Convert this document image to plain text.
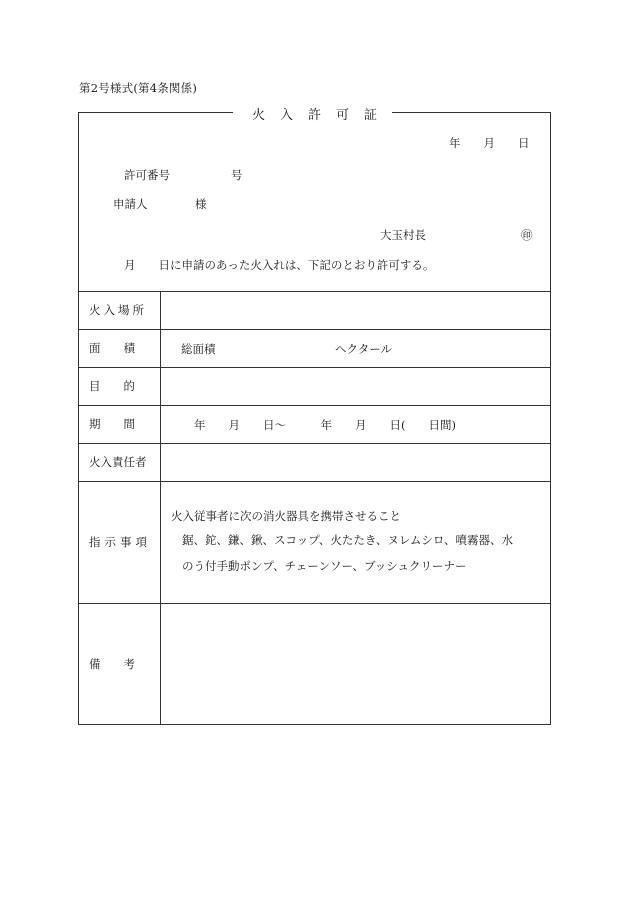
第2号様式(第4条関係)
火　入　許　可　証
年　　月　　日
許可番号	号
申請人	様
大玉村長	㊞
月　　日に申請のあった火入れは、下記のとおり許可する。
火入場所
面　　積	総面積	ヘクタール
目　　的
期　　間	年　　月　　日～　　　年　　月　　日(　　日間)
火入責任者
指示事項
火入従事者に次の消火器具を携帯させること
鋸、鉈、鎌、鍬、スコップ、火たたき、ヌレムシロ、噴霧器、水
のう付手動ポンプ、チェーンソー、ブッシュクリーナー
備　　考
